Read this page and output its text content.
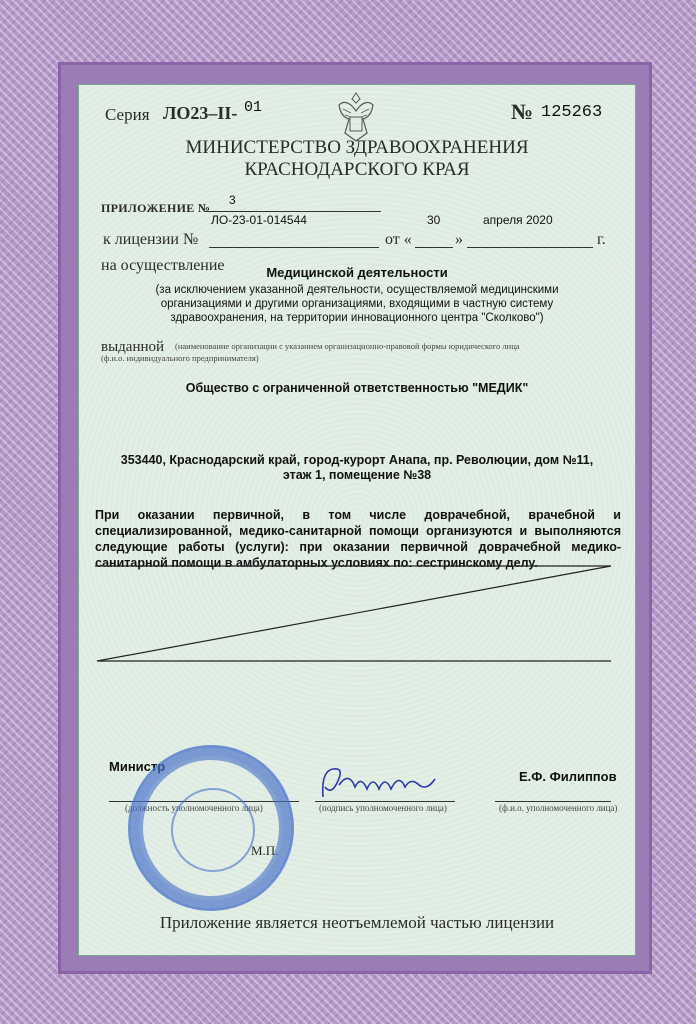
Серия ЛО23–II- 01	№ 125263
МИНИСТЕРСТВО ЗДРАВООХРАНЕНИЯ
КРАСНОДАРСКОГО КРАЯ
ПРИЛОЖЕНИЕ №
3
к лицензии №
ЛО-23-01-014544
от «
30
»
апреля 2020
г.
на осуществление	Медицинской деятельности
(за исключением указанной деятельности, осуществляемой медицинскими
организациями и другими организациями, входящими в частную систему
здравоохранения, на территории инновационного центра "Сколково")
выданной (наименование организации с указанием организационно-правовой формы юридического лица
(ф.и.о. индивидуального предпринимателя)
Общество с ограниченной ответственностью "МЕДИК"
353440, Краснодарский край, город-курорт Анапа, пр. Революции, дом №11,
этаж 1, помещение №38
При оказании первичной, в том числе доврачебной, врачебной и
специализированной, медико-санитарной помощи организуются и выполняются
следующие работы (услуги): при оказании первичной доврачебной медико-
санитарной помощи в амбулаторных условиях по: сестринскому делу.
Министр
(должность уполномоченного лица)	(подпись уполномоченного лица)
Е.Ф. Филиппов
(ф.и.о. уполномоченного лица)
М.П.
Приложение является неотъемлемой частью лицензии
